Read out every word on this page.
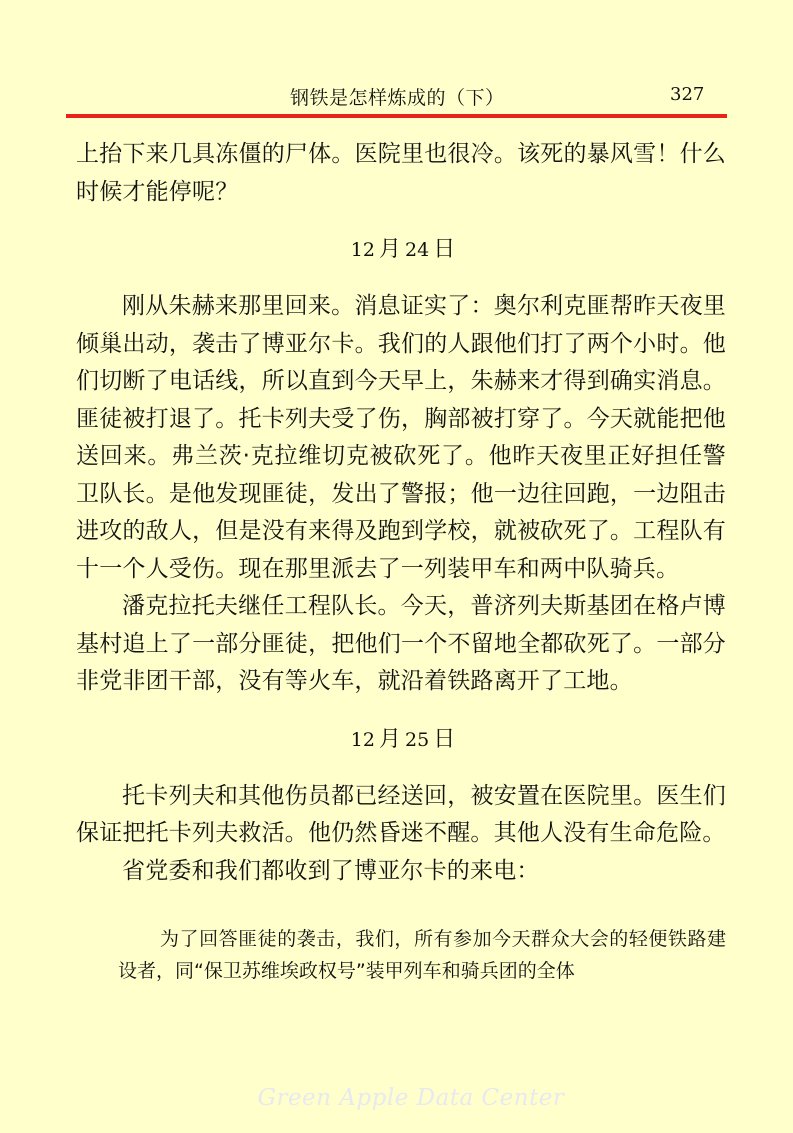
钢铁是怎样炼成的（下）	327

上抬下来几具冻僵的尸体。医院里也很冷。该死的暴风雪！什么时候才能停呢？

12 月 24 日

刚从朱赫来那里回来。消息证实了：奥尔利克匪帮昨天夜里倾巢出动，袭击了博亚尔卡。我们的人跟他们打了两个小时。他们切断了电话线，所以直到今天早上，朱赫来才得到确实消息。匪徒被打退了。托卡列夫受了伤，胸部被打穿了。今天就能把他送回来。弗兰茨·克拉维切克被砍死了。他昨天夜里正好担任警卫队长。是他发现匪徒，发出了警报；他一边往回跑，一边阻击进攻的敌人，但是没有来得及跑到学校，就被砍死了。工程队有十一个人受伤。现在那里派去了一列装甲车和两中队骑兵。

潘克拉托夫继任工程队长。今天，普济列夫斯基团在格卢博基村追上了一部分匪徒，把他们一个不留地全都砍死了。一部分非党非团干部，没有等火车，就沿着铁路离开了工地。

12 月 25 日

托卡列夫和其他伤员都已经送回，被安置在医院里。医生们保证把托卡列夫救活。他仍然昏迷不醒。其他人没有生命危险。

省党委和我们都收到了博亚尔卡的来电：

为了回答匪徒的袭击，我们，所有参加今天群众大会的轻便铁路建设者，同“保卫苏维埃政权号”装甲列车和骑兵团的全体

Green Apple Data Center
